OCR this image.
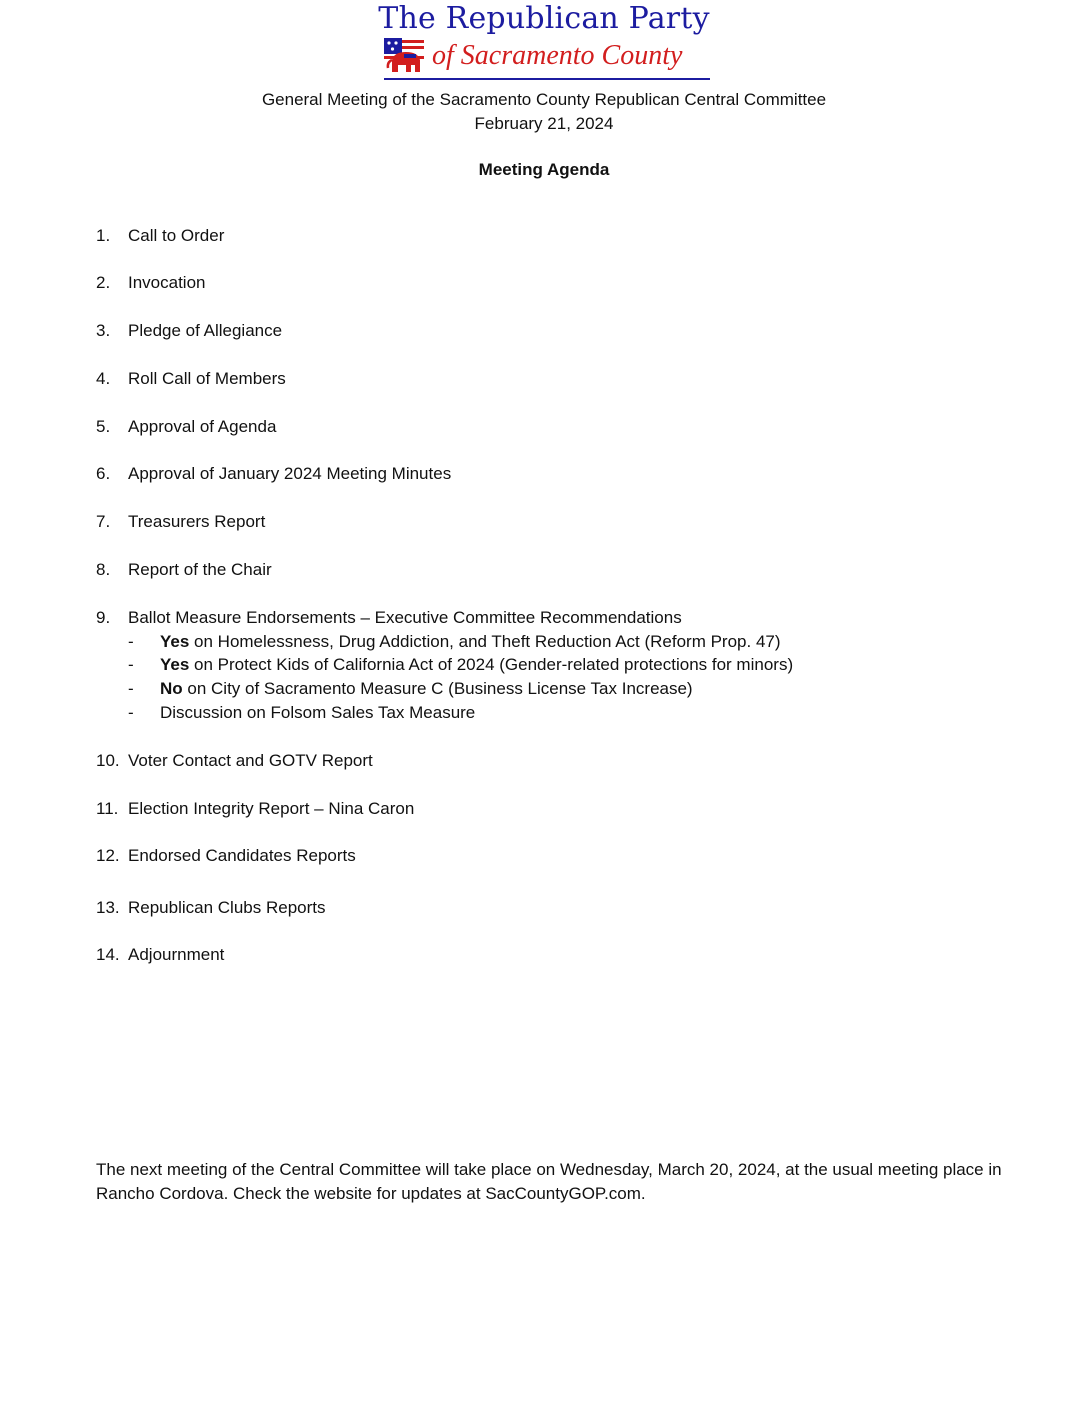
The Republican Party
of Sacramento County
General Meeting of the Sacramento County Republican Central Committee
February 21, 2024
Meeting Agenda
1. Call to Order
2. Invocation
3. Pledge of Allegiance
4. Roll Call of Members
5. Approval of Agenda
6. Approval of January 2024 Meeting Minutes
7. Treasurers Report
8. Report of the Chair
9. Ballot Measure Endorsements – Executive Committee Recommendations
- Yes on Homelessness, Drug Addiction, and Theft Reduction Act (Reform Prop. 47)
- Yes on Protect Kids of California Act of 2024 (Gender-related protections for minors)
- No on City of Sacramento Measure C (Business License Tax Increase)
- Discussion on Folsom Sales Tax Measure
10. Voter Contact and GOTV Report
11. Election Integrity Report – Nina Caron
12. Endorsed Candidates Reports
13. Republican Clubs Reports
14. Adjournment
The next meeting of the Central Committee will take place on Wednesday, March 20, 2024, at the usual meeting place in Rancho Cordova. Check the website for updates at SacCountyGOP.com.
